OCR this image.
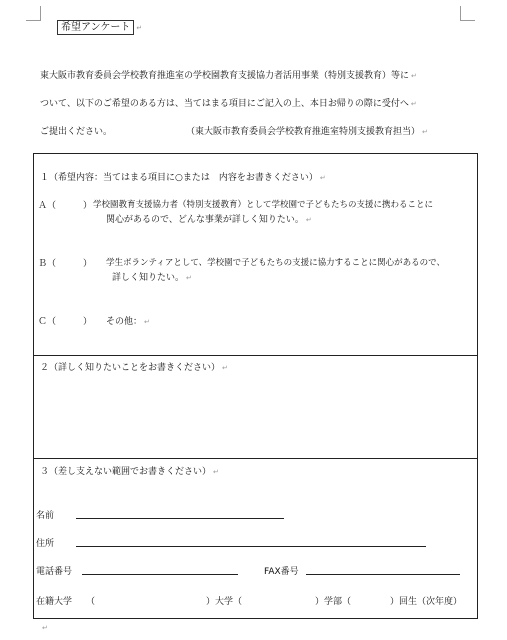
希望アンケート ↵
東大阪市教育委員会学校教育推進室の学校園教育支援協力者活用事業（特別支援教育）等に ↵
ついて、以下のご希望のある方は、当てはまる項目にご記入の上、本日お帰りの際に受付へ ↵
ご提出ください。	（東大阪市教育委員会学校教育推進室特別支援教育担当） ↵
１（希望内容：当てはまる項目に○または　内容をお書きください） ↵
Ａ（　　　） 学校園教育支援協力者（特別支援教育）として学校園で子どもたちの支援に携わることに
関心があるので、どんな事業が詳しく知りたい。 ↵
Ｂ（　　　） 学生ボランティアとして、学校園で子どもたちの支援に協力することに関心があるので、
詳しく知りたい。 ↵
Ｃ（　　　） その他： ↵
２（詳しく知りたいことをお書きください） ↵
３（差し支えない範囲でお書きください） ↵
名前
住所
電話番号	FAX番号
在籍大学 （	）大学（	）学部（	）回生（次年度）
↵
